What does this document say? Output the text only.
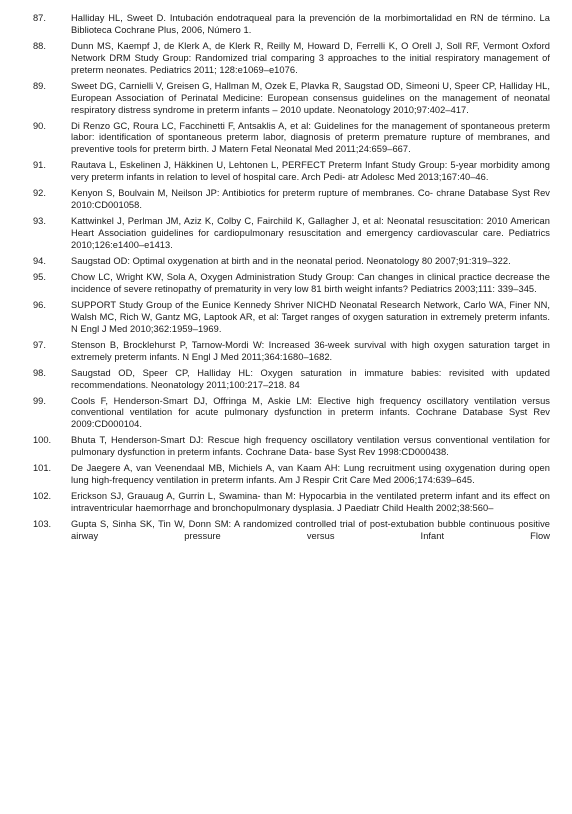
87.	Halliday HL, Sweet D. Intubación endotraqueal para la prevención de la morbimortalidad en RN de término. La Biblioteca Cochrane Plus, 2006, Número 1.
88.	Dunn MS, Kaempf J, de Klerk A, de Klerk R, Reilly M, Howard D, Ferrelli K, O Orell J, Soll RF, Vermont Oxford Network DRM Study Group: Randomized trial comparing 3 approaches to the initial respiratory management of preterm neonates. Pediatrics 2011; 128:e1069–e1076.
89.	Sweet DG, Carnielli V, Greisen G, Hallman M, Ozek E, Plavka R, Saugstad OD, Simeoni U, Speer CP, Halliday HL, European Association of Perinatal Medicine: European consensus guidelines on the management of neonatal respiratory distress syndrome in preterm infants – 2010 update. Neonatology 2010;97:402–417.
90.	Di Renzo GC, Roura LC, Facchinetti F, Antsaklis A, et al: Guidelines for the management of spontaneous preterm labor: identification of spontaneous preterm labor, diagnosis of preterm premature rupture of membranes, and preventive tools for preterm birth. J Matern Fetal Neonatal Med 2011;24:659–667.
91.	Rautava L, Eskelinen J, Häkkinen U, Lehtonen L, PERFECT Preterm Infant Study Group: 5-year morbidity among very preterm infants in relation to level of hospital care. Arch Pedi- atr Adolesc Med 2013;167:40–46.
92.	Kenyon S, Boulvain M, Neilson JP: Antibiotics for preterm rupture of membranes. Co- chrane Database Syst Rev 2010:CD001058.
93.	Kattwinkel J, Perlman JM, Aziz K, Colby C, Fairchild K, Gallagher J, et al: Neonatal resuscitation: 2010 American Heart Association guidelines for cardiopulmonary resuscitation and emergency cardiovascular care. Pediatrics 2010;126:e1400–e1413.
94.	Saugstad OD: Optimal oxygenation at birth and in the neonatal period. Neonatology 80 2007;91:319–322.
95.	Chow LC, Wright KW, Sola A, Oxygen Administration Study Group: Can changes in clinical practice decrease the incidence of severe retinopathy of prematurity in very low 81 birth weight infants? Pediatrics 2003;111: 339–345.
96.	SUPPORT Study Group of the Eunice Kennedy Shriver NICHD Neonatal Research Network, Carlo WA, Finer NN, Walsh MC, Rich W, Gantz MG, Laptook AR, et al: Target ranges of oxygen saturation in extremely preterm infants. N Engl J Med 2010;362:1959–1969.
97.	Stenson B, Brocklehurst P, Tarnow-Mordi W: Increased 36-week survival with high oxygen saturation target in extremely preterm infants. N Engl J Med 2011;364:1680–1682.
98.	Saugstad OD, Speer CP, Halliday HL: Oxygen saturation in immature babies: revisited with updated recommendations. Neonatology 2011;100:217–218. 84
99.	Cools F, Henderson-Smart DJ, Offringa M, Askie LM: Elective high frequency oscillatory ventilation versus conventional ventilation for acute pulmonary dysfunction in preterm infants. Cochrane Database Syst Rev 2009:CD000104.
100.	Bhuta T, Henderson-Smart DJ: Rescue high frequency oscillatory ventilation versus conventional ventilation for pulmonary dysfunction in preterm infants. Cochrane Data- base Syst Rev 1998:CD000438.
101.	De Jaegere A, van Veenendaal MB, Michiels A, van Kaam AH: Lung recruitment using oxygenation during open lung high-frequency ventilation in preterm infants. Am J Respir Crit Care Med 2006;174:639–645.
102.	Erickson SJ, Grauaug A, Gurrin L, Swamina- than M: Hypocarbia in the ventilated preterm infant and its effect on intraventricular haemorrhage and bronchopulmonary dysplasia. J Paediatr Child Health 2002;38:560–
103.	Gupta S, Sinha SK, Tin W, Donn SM: A randomized controlled trial of post-extubation bubble continuous positive airway pressure versus Infant Flow
